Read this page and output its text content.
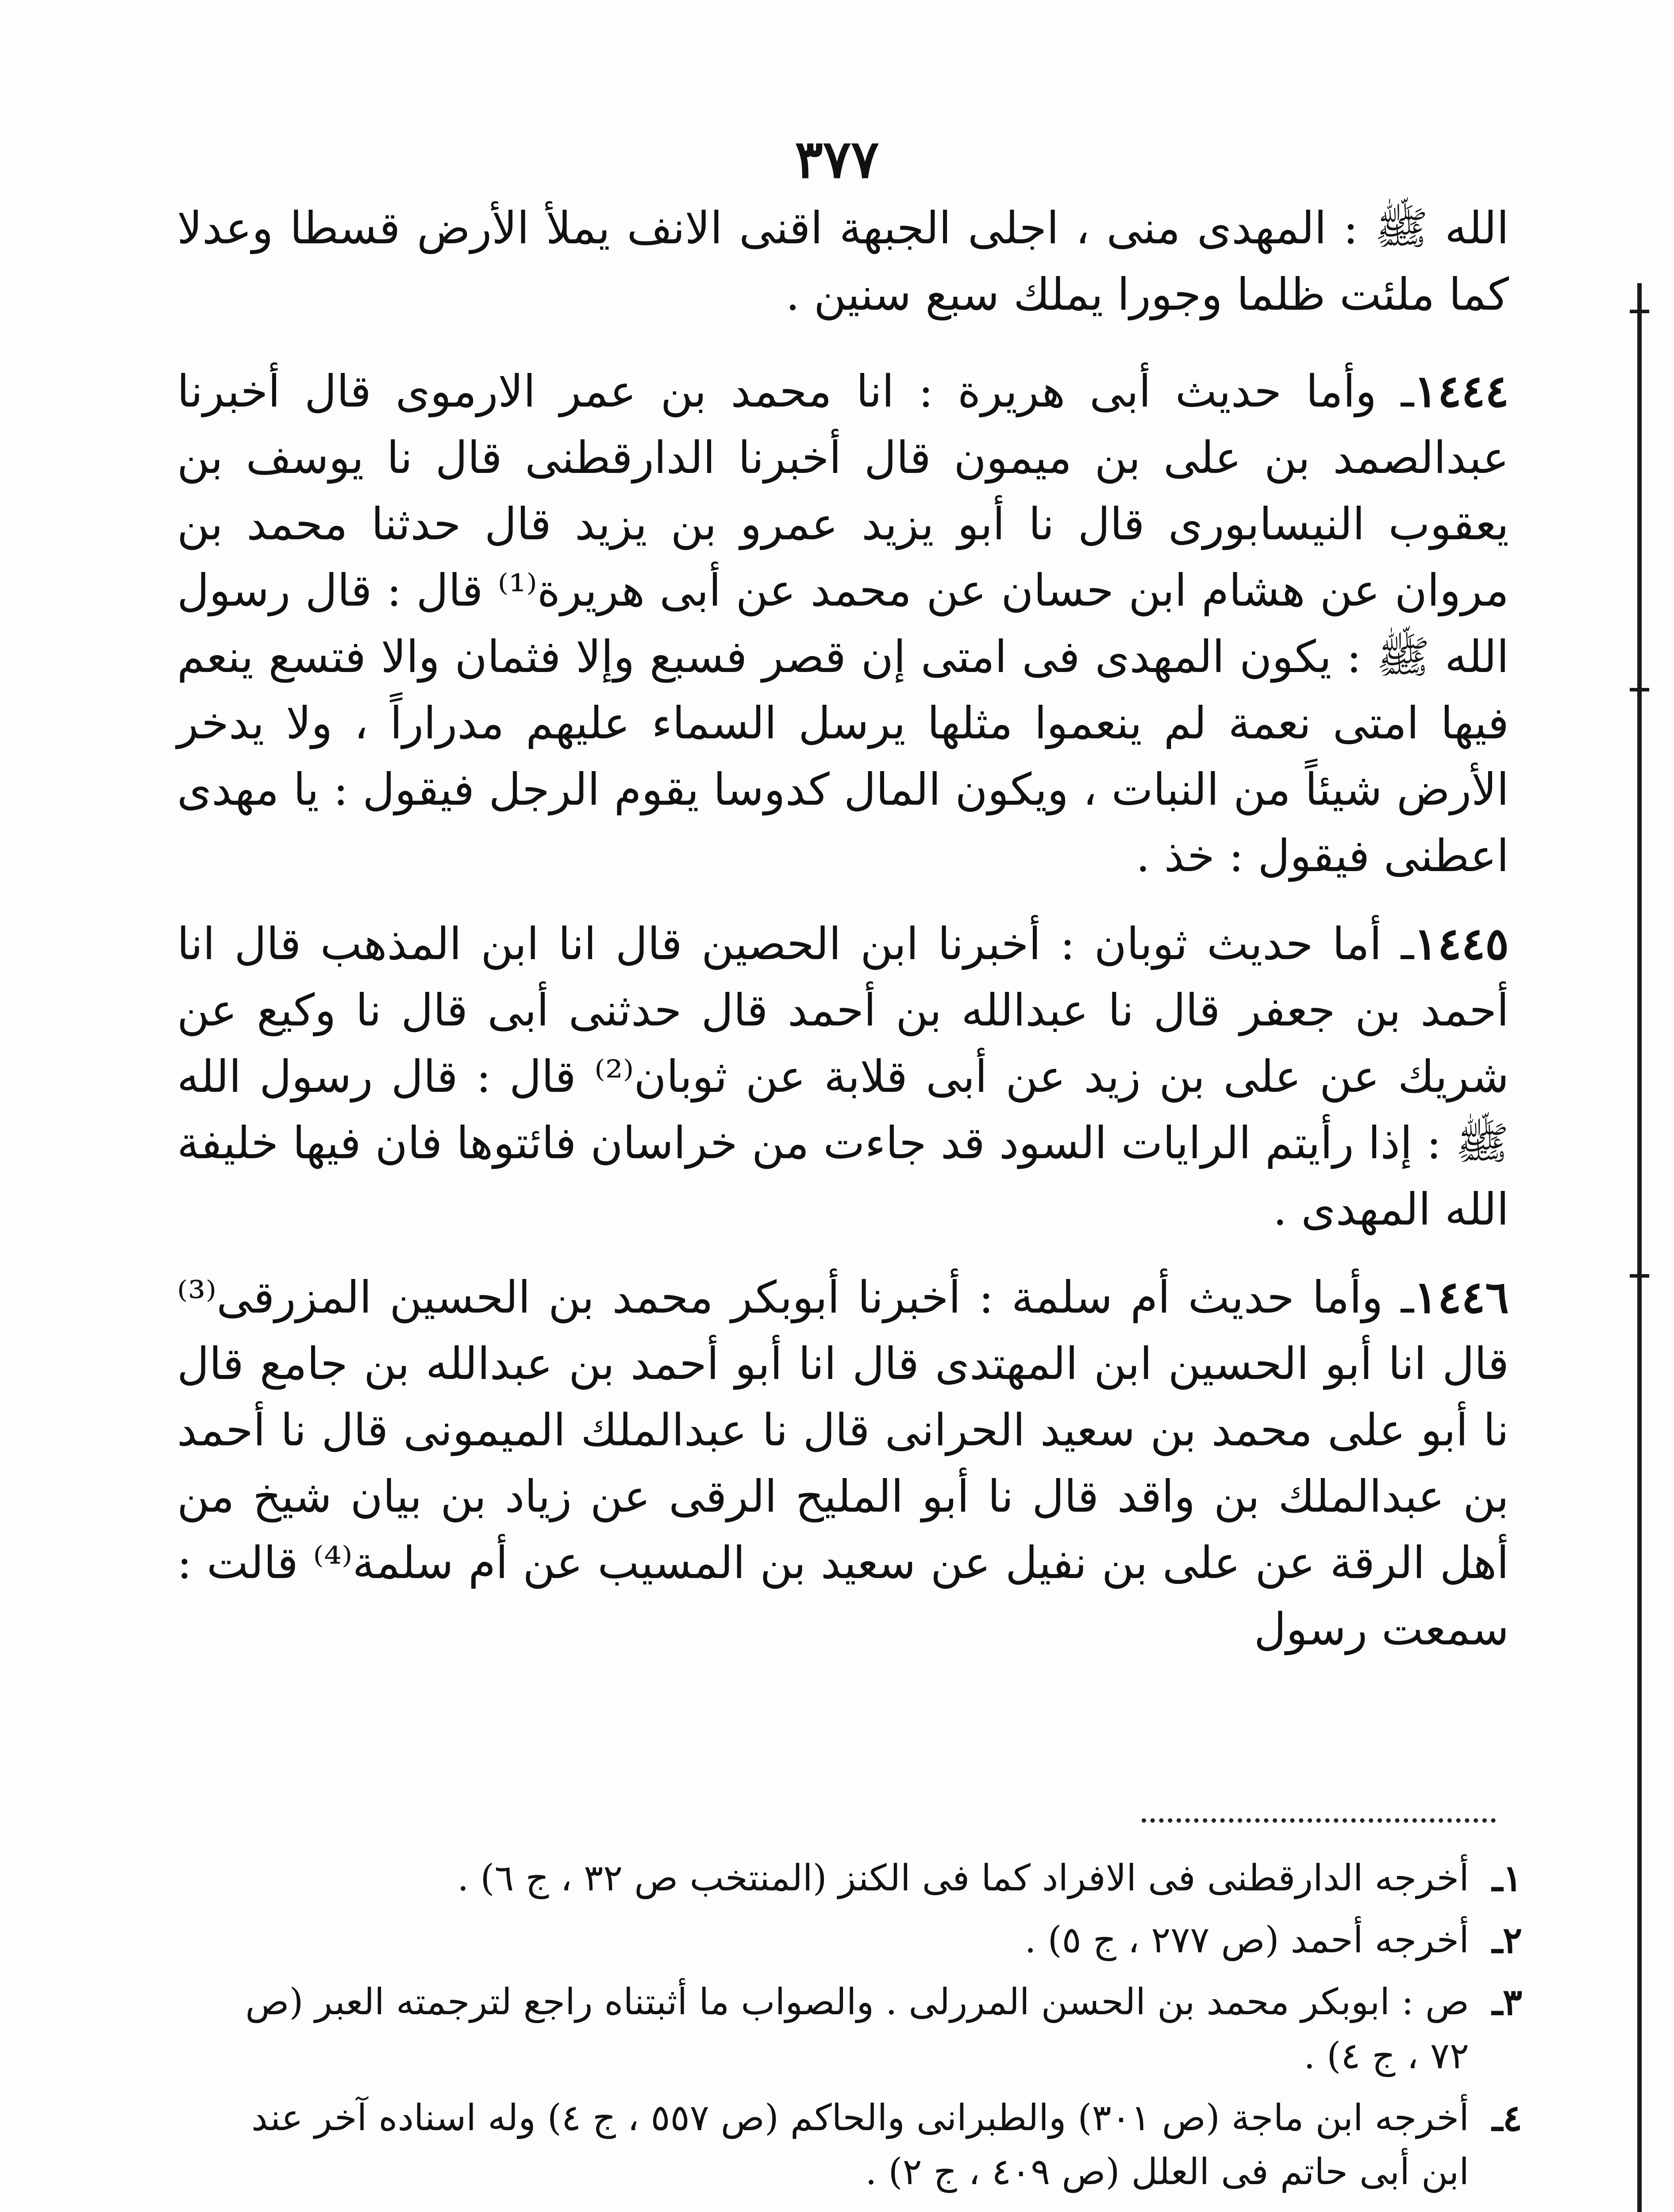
٣٧٧

الله ﷺ : المهدی منی ، اجلی الجبهة اقنی الانف یملأ الأرض قسطا وعدلا کما ملئت ظلما وجورا یملك سبع سنین .

١٤٤٤ـ وأما حدیث أبی هریرة : انا محمد بن عمر الارموی قال أخبرنا عبدالصمد بن علی بن میمون قال أخبرنا الدارقطنی قال نا یوسف بن یعقوب النیسابوری قال نا أبو یزید عمرو بن یزید قال حدثنا محمد بن مروان عن هشام ابن حسان عن محمد عن أبی هریرة⁽¹⁾ قال : قال رسول الله ﷺ : یکون المهدی فی امتی إن قصر فسبع وإلا فثمان والا فتسع ینعم فیها امتی نعمة لم ینعموا مثلها یرسل السماء علیهم مدراراً ، ولا یدخر الأرض شیئاً من النبات ، ویکون المال کدوسا یقوم الرجل فیقول : یا مهدی اعطنی فیقول : خذ .

١٤٤٥ـ أما حدیث ثوبان : أخبرنا ابن الحصین قال انا ابن المذهب قال انا أحمد بن جعفر قال نا عبدالله بن أحمد قال حدثنی أبی قال نا وکیع عن شریك عن علی بن زید عن أبی قلابة عن ثوبان⁽²⁾ قال : قال رسول الله ﷺ : إذا رأیتم الرایات السود قد جاءت من خراسان فائتوها فان فیها خلیفة الله المهدی .

١٤٤٦ـ وأما حدیث أم سلمة : أخبرنا أبوبکر محمد بن الحسین المزرقی⁽³⁾ قال انا أبو الحسین ابن المهتدی قال انا أبو أحمد بن عبدالله بن جامع قال نا أبو علی محمد بن سعید الحرانی قال نا عبدالملك المیمونی قال نا أحمد بن عبدالملك بن واقد قال نا أبو الملیح الرقی عن زیاد بن بیان شیخ من أهل الرقة عن علی بن نفیل عن سعید بن المسیب عن أم سلمة⁽⁴⁾ قالت : سمعت رسول

١ـ
أخرجه الدارقطنی فی الافراد کما فی الکنز (المنتخب ص ٣٢ ، ج ٦) .
٢ـ
أخرجه أحمد (ص ٢٧٧ ، ج ٥) .
٣ـ
ص : ابوبکر محمد بن الحسن المررلی . والصواب ما أثبتناه راجع لترجمته العبر (ص ٧٢ ، ج ٤) .
٤ـ
أخرجه ابن ماجة (ص ٣٠١) والطبرانی والحاکم (ص ٥٥٧ ، ج ٤) وله اسناده آخر عند ابن أبی حاتم فی العلل (ص ٤٠٩ ، ج ٢) .
